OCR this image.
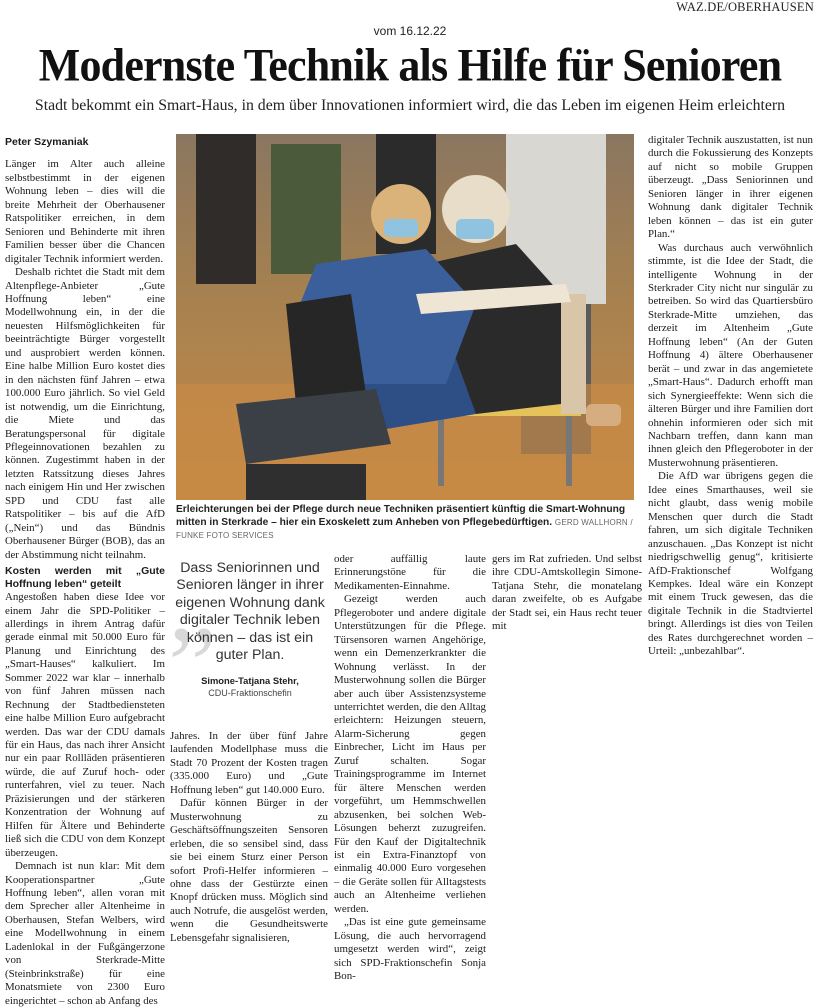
WAZ.DE/OBERHAUSEN
vom 16.12.22
Modernste Technik als Hilfe für Senioren
Stadt bekommt ein Smart-Haus, in dem über Innovationen informiert wird, die das Leben im eigenen Heim erleichtern

Peter Szymaniak

Länger im Alter auch alleine selbstbestimmt in der eigenen Wohnung leben – dies will die breite Mehrheit der Oberhausener Ratspolitiker erreichen, in dem Senioren und Behinderte mit ihren Familien besser über die Chancen digitaler Technik informiert werden.

Deshalb richtet die Stadt mit dem Altenpflege-Anbieter „Gute Hoffnung leben“ eine Modellwohnung ein, in der die neuesten Hilfsmöglichkeiten für beeinträchtigte Bürger vorgestellt und ausprobiert werden können. Eine halbe Million Euro kostet dies in den nächsten fünf Jahren – etwa 100.000 Euro jährlich. So viel Geld ist notwendig, um die Einrichtung, die Miete und das Beratungspersonal für digitale Pflegeinnovationen bezahlen zu können. Zugestimmt haben in der letzten Ratssitzung dieses Jahres nach einigem Hin und Her zwischen SPD und CDU fast alle Ratspolitiker – bis auf die AfD („Nein“) und das Bündnis Oberhausener Bürger (BOB), das an der Abstimmung nicht teilnahm.

Kosten werden mit „Gute Hoffnung leben“ geteilt

Angestoßen haben diese Idee vor einem Jahr die SPD-Politiker – allerdings in ihrem Antrag dafür gerade einmal mit 50.000 Euro für Planung und Einrichtung des „Smart-Hauses“ kalkuliert. Im Sommer 2022 war klar – innerhalb von fünf Jahren müssen nach Rechnung der Stadtbediensteten eine halbe Million Euro aufgebracht werden. Das war der CDU damals für ein Haus, das nach ihrer Ansicht nur ein paar Rollläden präsentieren würde, die auf Zuruf hoch- oder runterfahren, viel zu teuer. Nach Präzisierungen und der stärkeren Konzentration der Wohnung auf Hilfen für Ältere und Behinderte ließ sich die CDU von dem Konzept überzeugen.

Demnach ist nun klar: Mit dem Kooperationspartner „Gute Hoffnung leben“, allen voran mit dem Sprecher aller Altenheime in Oberhausen, Stefan Welbers, wird eine Modellwohnung in einem Ladenlokal in der Fußgängerzone von Sterkrade-Mitte (Steinbrinkstraße) für eine Monatsmiete von 2300 Euro eingerichtet – schon ab Anfang des

Erleichterungen bei der Pflege durch neue Techniken präsentiert künftig die Smart-Wohnung mitten in Sterkrade – hier ein Exoskelett zum Anheben von Pflegebedürftigen. GERD WALLHORN / FUNKE FOTO SERVICES
„
Dass Seniorinnen und Senioren länger in ihrer eigenen Wohnung dank digitaler Technik leben können – das ist ein guter Plan.
Simone-Tatjana Stehr,
CDU-Fraktionschefin

Jahres. In der über fünf Jahre laufenden Modellphase muss die Stadt 70 Prozent der Kosten tragen (335.000 Euro) und „Gute Hoffnung leben“ gut 140.000 Euro.

Dafür können Bürger in der Musterwohnung zu Geschäftsöffnungszeiten Sensoren erleben, die so sensibel sind, dass sie bei einem Sturz einer Person sofort Profi-Helfer informieren – ohne dass der Gestürzte einen Knopf drücken muss. Möglich sind auch Notrufe, die ausgelöst werden, wenn die Gesundheitswerte Lebensgefahr signalisieren,

oder auffällig laute Erinnerungstöne für die Medikamenten-Einnahme.

Gezeigt werden auch Pflegeroboter und andere digitale Unterstützungen für die Pflege. Türsensoren warnen Angehörige, wenn ein Demenzerkrankter die Wohnung verlässt. In der Musterwohnung sollen die Bürger aber auch über Assistenzsysteme unterrichtet werden, die den Alltag erleichtern: Heizungen steuern, Alarm-Sicherung gegen Einbrecher, Licht im Haus per Zuruf schalten. Sogar Trainingsprogramme im Internet für ältere Menschen werden vorgeführt, um Hemmschwellen abzusenken, bei solchen Web-Lösungen beherzt zuzugreifen. Für den Kauf der Digitaltechnik ist ein Extra-Finanztopf von einmalig 40.000 Euro vorgesehen – die Geräte sollen für Alltagstests auch an Altenheime verliehen werden.

„Das ist eine gute gemeinsame Lösung, die auch hervorragend umgesetzt werden wird“, zeigt sich SPD-Fraktionschefin Sonja Bon-

gers im Rat zufrieden. Und selbst ihre CDU-Amtskollegin Simone-Tatjana Stehr, die monatelang daran zweifelte, ob es Aufgabe der Stadt sei, ein Haus recht teuer mit

digitaler Technik auszustatten, ist nun durch die Fokussierung des Konzepts auf nicht so mobile Gruppen überzeugt. „Dass Seniorinnen und Senioren länger in ihrer eigenen Wohnung dank digitaler Technik leben können – das ist ein guter Plan.“

Was durchaus auch verwöhnlich stimmte, ist die Idee der Stadt, die intelligente Wohnung in der Sterkrader City nicht nur singulär zu betreiben. So wird das Quartiersbüro Sterkrade-Mitte umziehen, das derzeit im Altenheim „Gute Hoffnung leben“ (An der Guten Hoffnung 4) ältere Oberhausener berät – und zwar in das angemietete „Smart-Haus“. Dadurch erhofft man sich Synergieeffekte: Wenn sich die älteren Bürger und ihre Familien dort ohnehin informieren oder sich mit Nachbarn treffen, dann kann man ihnen gleich den Pflegeroboter in der Musterwohnung präsentieren.

Die AfD war übrigens gegen die Idee eines Smarthauses, weil sie nicht glaubt, dass wenig mobile Menschen quer durch die Stadt fahren, um sich digitale Techniken anzuschauen. „Das Konzept ist nicht niedrigschwellig genug“, kritisierte AfD-Fraktionschef Wolfgang Kempkes. Ideal wäre ein Konzept mit einem Truck gewesen, das die digitale Technik in die Stadtviertel bringt. Allerdings ist dies von Teilen des Rates durchgerechnet worden – Urteil: „unbezahlbar“.
